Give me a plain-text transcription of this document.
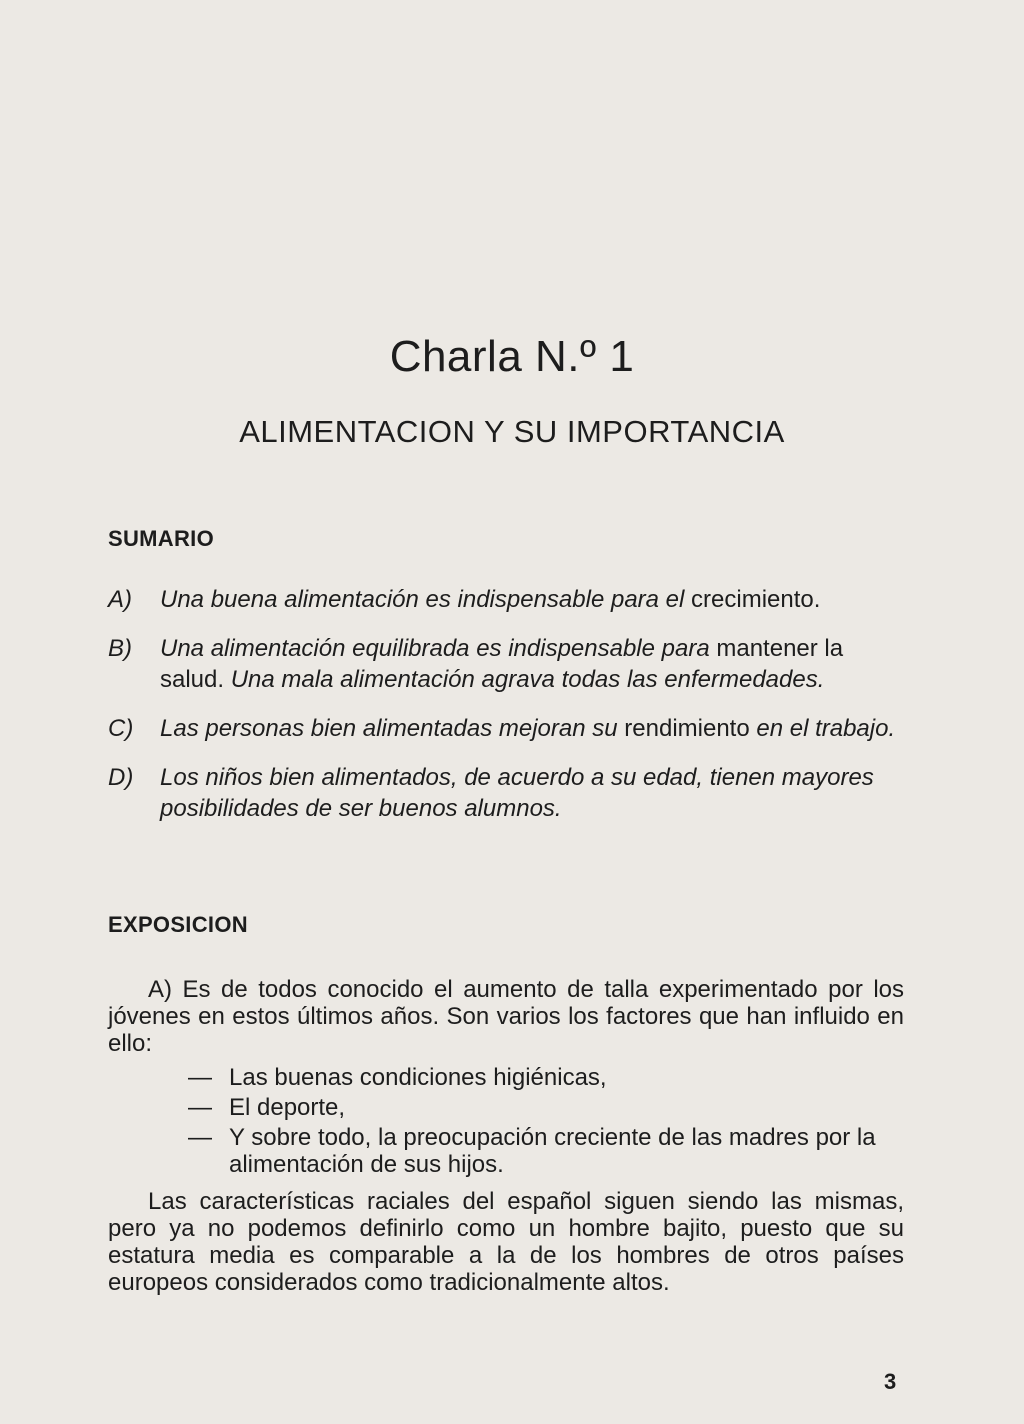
Charla N.º 1
ALIMENTACION Y SU IMPORTANCIA
SUMARIO
A) Una buena alimentación es indispensable para el crecimiento.
B) Una alimentación equilibrada es indispensable para mantener la salud. Una mala alimentación agrava todas las enfermedades.
C) Las personas bien alimentadas mejoran su rendimiento en el trabajo.
D) Los niños bien alimentados, de acuerdo a su edad, tienen mayores posibilidades de ser buenos alumnos.
EXPOSICION

A) Es de todos conocido el aumento de talla experimentado por los jóvenes en estos últimos años. Son varios los factores que han influido en ello:

— Las buenas condiciones higiénicas,
— El deporte,
— Y sobre todo, la preocupación creciente de las madres por la alimentación de sus hijos.

Las características raciales del español siguen siendo las mismas, pero ya no podemos definirlo como un hombre bajito, puesto que su estatura media es comparable a la de los hombres de otros países europeos considerados como tradicionalmente altos.

3
